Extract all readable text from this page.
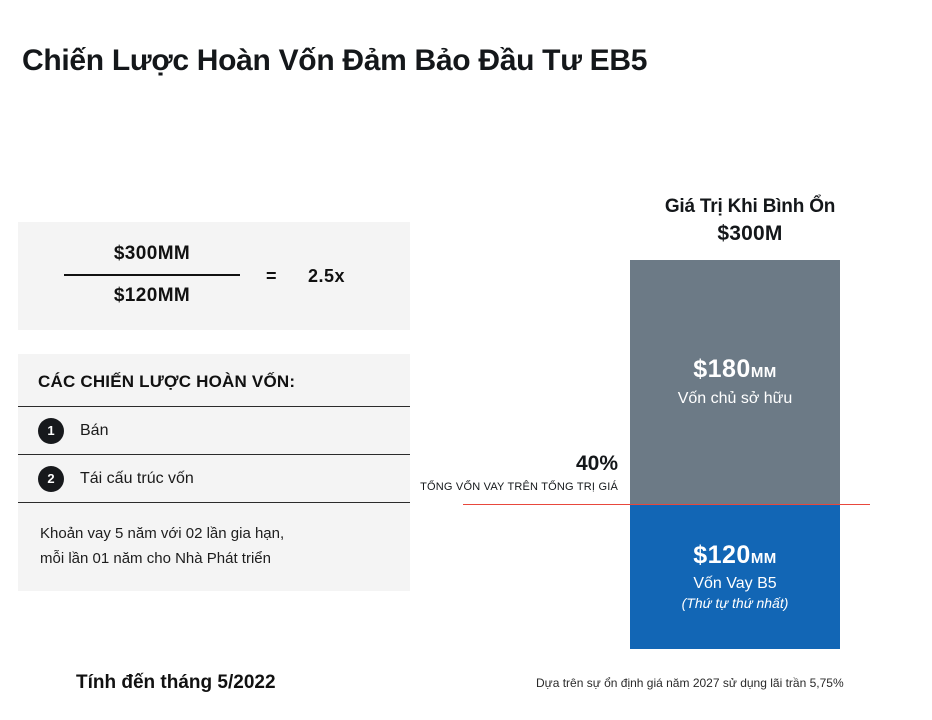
Chiến Lược Hoàn Vốn Đảm Bảo Đầu Tư EB5
$300MM
$120MM
= 2.5x
CÁC CHIẾN LƯỢC HOÀN VỐN:
1	Bán
2	Tái cấu trúc vốn
Khoản vay 5 năm với 02 lần gia hạn,
mỗi lần 01 năm cho Nhà Phát triển
Tính đến tháng 5/2022
Giá Trị Khi Bình Ổn
$300M
$180MM
Vốn chủ sở hữu
$120MM
Vốn Vay B5
(Thứ tự thứ nhất)
40%
TỔNG VỐN VAY TRÊN TỔNG TRỊ GIÁ
Dựa trên sự ổn định giá năm 2027 sử dụng lãi trần 5,75%
